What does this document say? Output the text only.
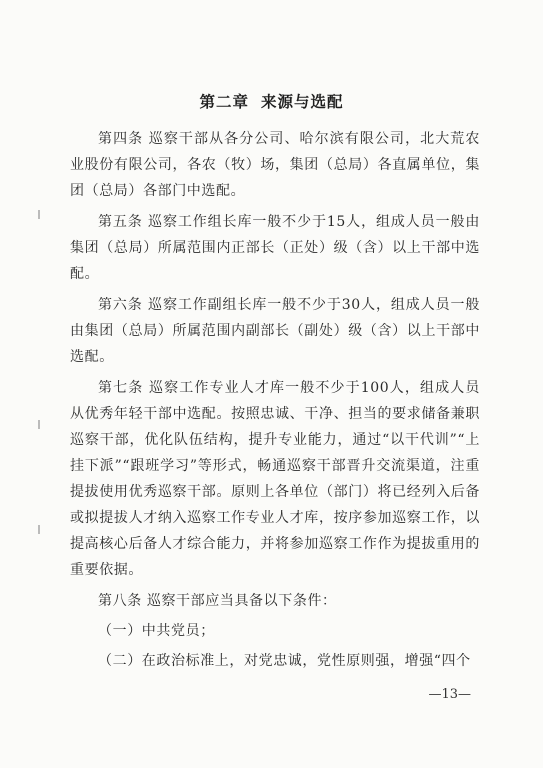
第二章 来源与选配

第四条 巡察干部从各分公司、哈尔滨有限公司，北大荒农业股份有限公司，各农（牧）场，集团（总局）各直属单位，集团（总局）各部门中选配。

第五条 巡察工作组长库一般不少于15人，组成人员一般由集团（总局）所属范围内正部长（正处）级（含）以上干部中选配。

第六条 巡察工作副组长库一般不少于30人，组成人员一般由集团（总局）所属范围内副部长（副处）级（含）以上干部中选配。

第七条 巡察工作专业人才库一般不少于100人，组成人员从优秀年轻干部中选配。按照忠诚、干净、担当的要求储备兼职巡察干部，优化队伍结构，提升专业能力，通过“以干代训”“上挂下派”“跟班学习”等形式，畅通巡察干部晋升交流渠道，注重提拔使用优秀巡察干部。原则上各单位（部门）将已经列入后备或拟提拔人才纳入巡察工作专业人才库，按序参加巡察工作，以提高核心后备人才综合能力，并将参加巡察工作作为提拔重用的重要依据。

第八条 巡察干部应当具备以下条件：

（一）中共党员；

（二）在政治标准上，对党忠诚，党性原则强，增强“四个

—13—
